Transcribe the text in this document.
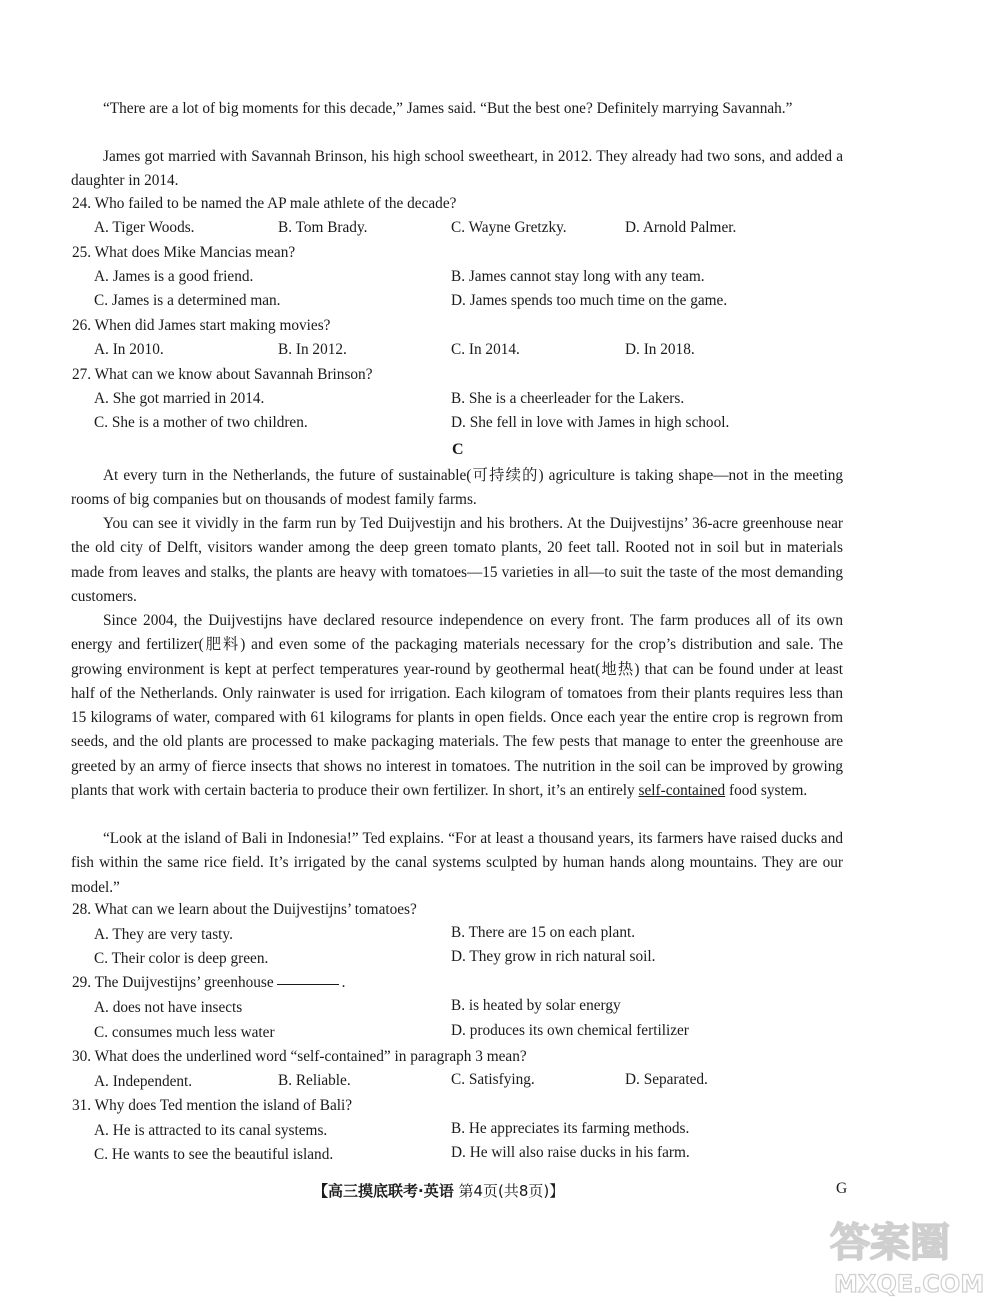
“There are a lot of big moments for this decade,” James said. “But the best one? Definitely marrying Savannah.”

James got married with Savannah Brinson, his high school sweetheart, in 2012. They already had two sons, and added a daughter in 2014.

24. Who failed to be named the AP male athlete of the decade?

A. Tiger Woods.	B. Tom Brady.	C. Wayne Gretzky.	D. Arnold Palmer.

25. What does Mike Mancias mean?

A. James is a good friend.	B. James cannot stay long with any team.
C. James is a determined man.	D. James spends too much time on the game.

26. When did James start making movies?

A. In 2010.	B. In 2012.	C. In 2014.	D. In 2018.

27. What can we know about Savannah Brinson?

A. She got married in 2014.	B. She is a cheerleader for the Lakers.
C. She is a mother of two children.	D. She fell in love with James in high school.
C

At every turn in the Netherlands, the future of sustainable(可持续的) agriculture is taking shape—not in the meeting rooms of big companies but on thousands of modest family farms.

You can see it vividly in the farm run by Ted Duijvestijn and his brothers. At the Duijvestijns’ 36-acre greenhouse near the old city of Delft, visitors wander among the deep green tomato plants, 20 feet tall. Rooted not in soil but in materials made from leaves and stalks, the plants are heavy with tomatoes—15 varieties in all—to suit the taste of the most demanding customers.

Since 2004, the Duijvestijns have declared resource independence on every front. The farm produces all of its own energy and fertilizer(肥料) and even some of the packaging materials necessary for the crop’s distribution and sale. The growing environment is kept at perfect temperatures year-round by geothermal heat(地热) that can be found under at least half of the Netherlands. Only rainwater is used for irrigation. Each kilogram of tomatoes from their plants requires less than 15 kilograms of water, compared with 61 kilograms for plants in open fields. Once each year the entire crop is regrown from seeds, and the old plants are processed to make packaging materials. The few pests that manage to enter the greenhouse are greeted by an army of fierce insects that shows no interest in tomatoes. The nutrition in the soil can be improved by growing plants that work with certain bacteria to produce their own fertilizer. In short, it’s an entirely self-contained food system.

“Look at the island of Bali in Indonesia!” Ted explains. “For at least a thousand years, its farmers have raised ducks and fish within the same rice field. It’s irrigated by the canal systems sculpted by human hands along mountains. They are our model.”

28. What can we learn about the Duijvestijns’ tomatoes?

A. They are very tasty.	B. There are 15 on each plant.
C. Their color is deep green.	D. They grow in rich natural soil.

29. The Duijvestijns’ greenhouse	.

A. does not have insects	B. is heated by solar energy
C. consumes much less water	D. produces its own chemical fertilizer

30. What does the underlined word “self-contained” in paragraph 3 mean?

A. Independent.	B. Reliable.	C. Satisfying.	D. Separated.

31. Why does Ted mention the island of Bali?

A. He is attracted to its canal systems.	B. He appreciates its farming methods.
C. He wants to see the beautiful island.	D. He will also raise ducks in his farm.
【高三摸底联考·英语 第4页(共8页)】	G
答案圈
MXQE.COM
